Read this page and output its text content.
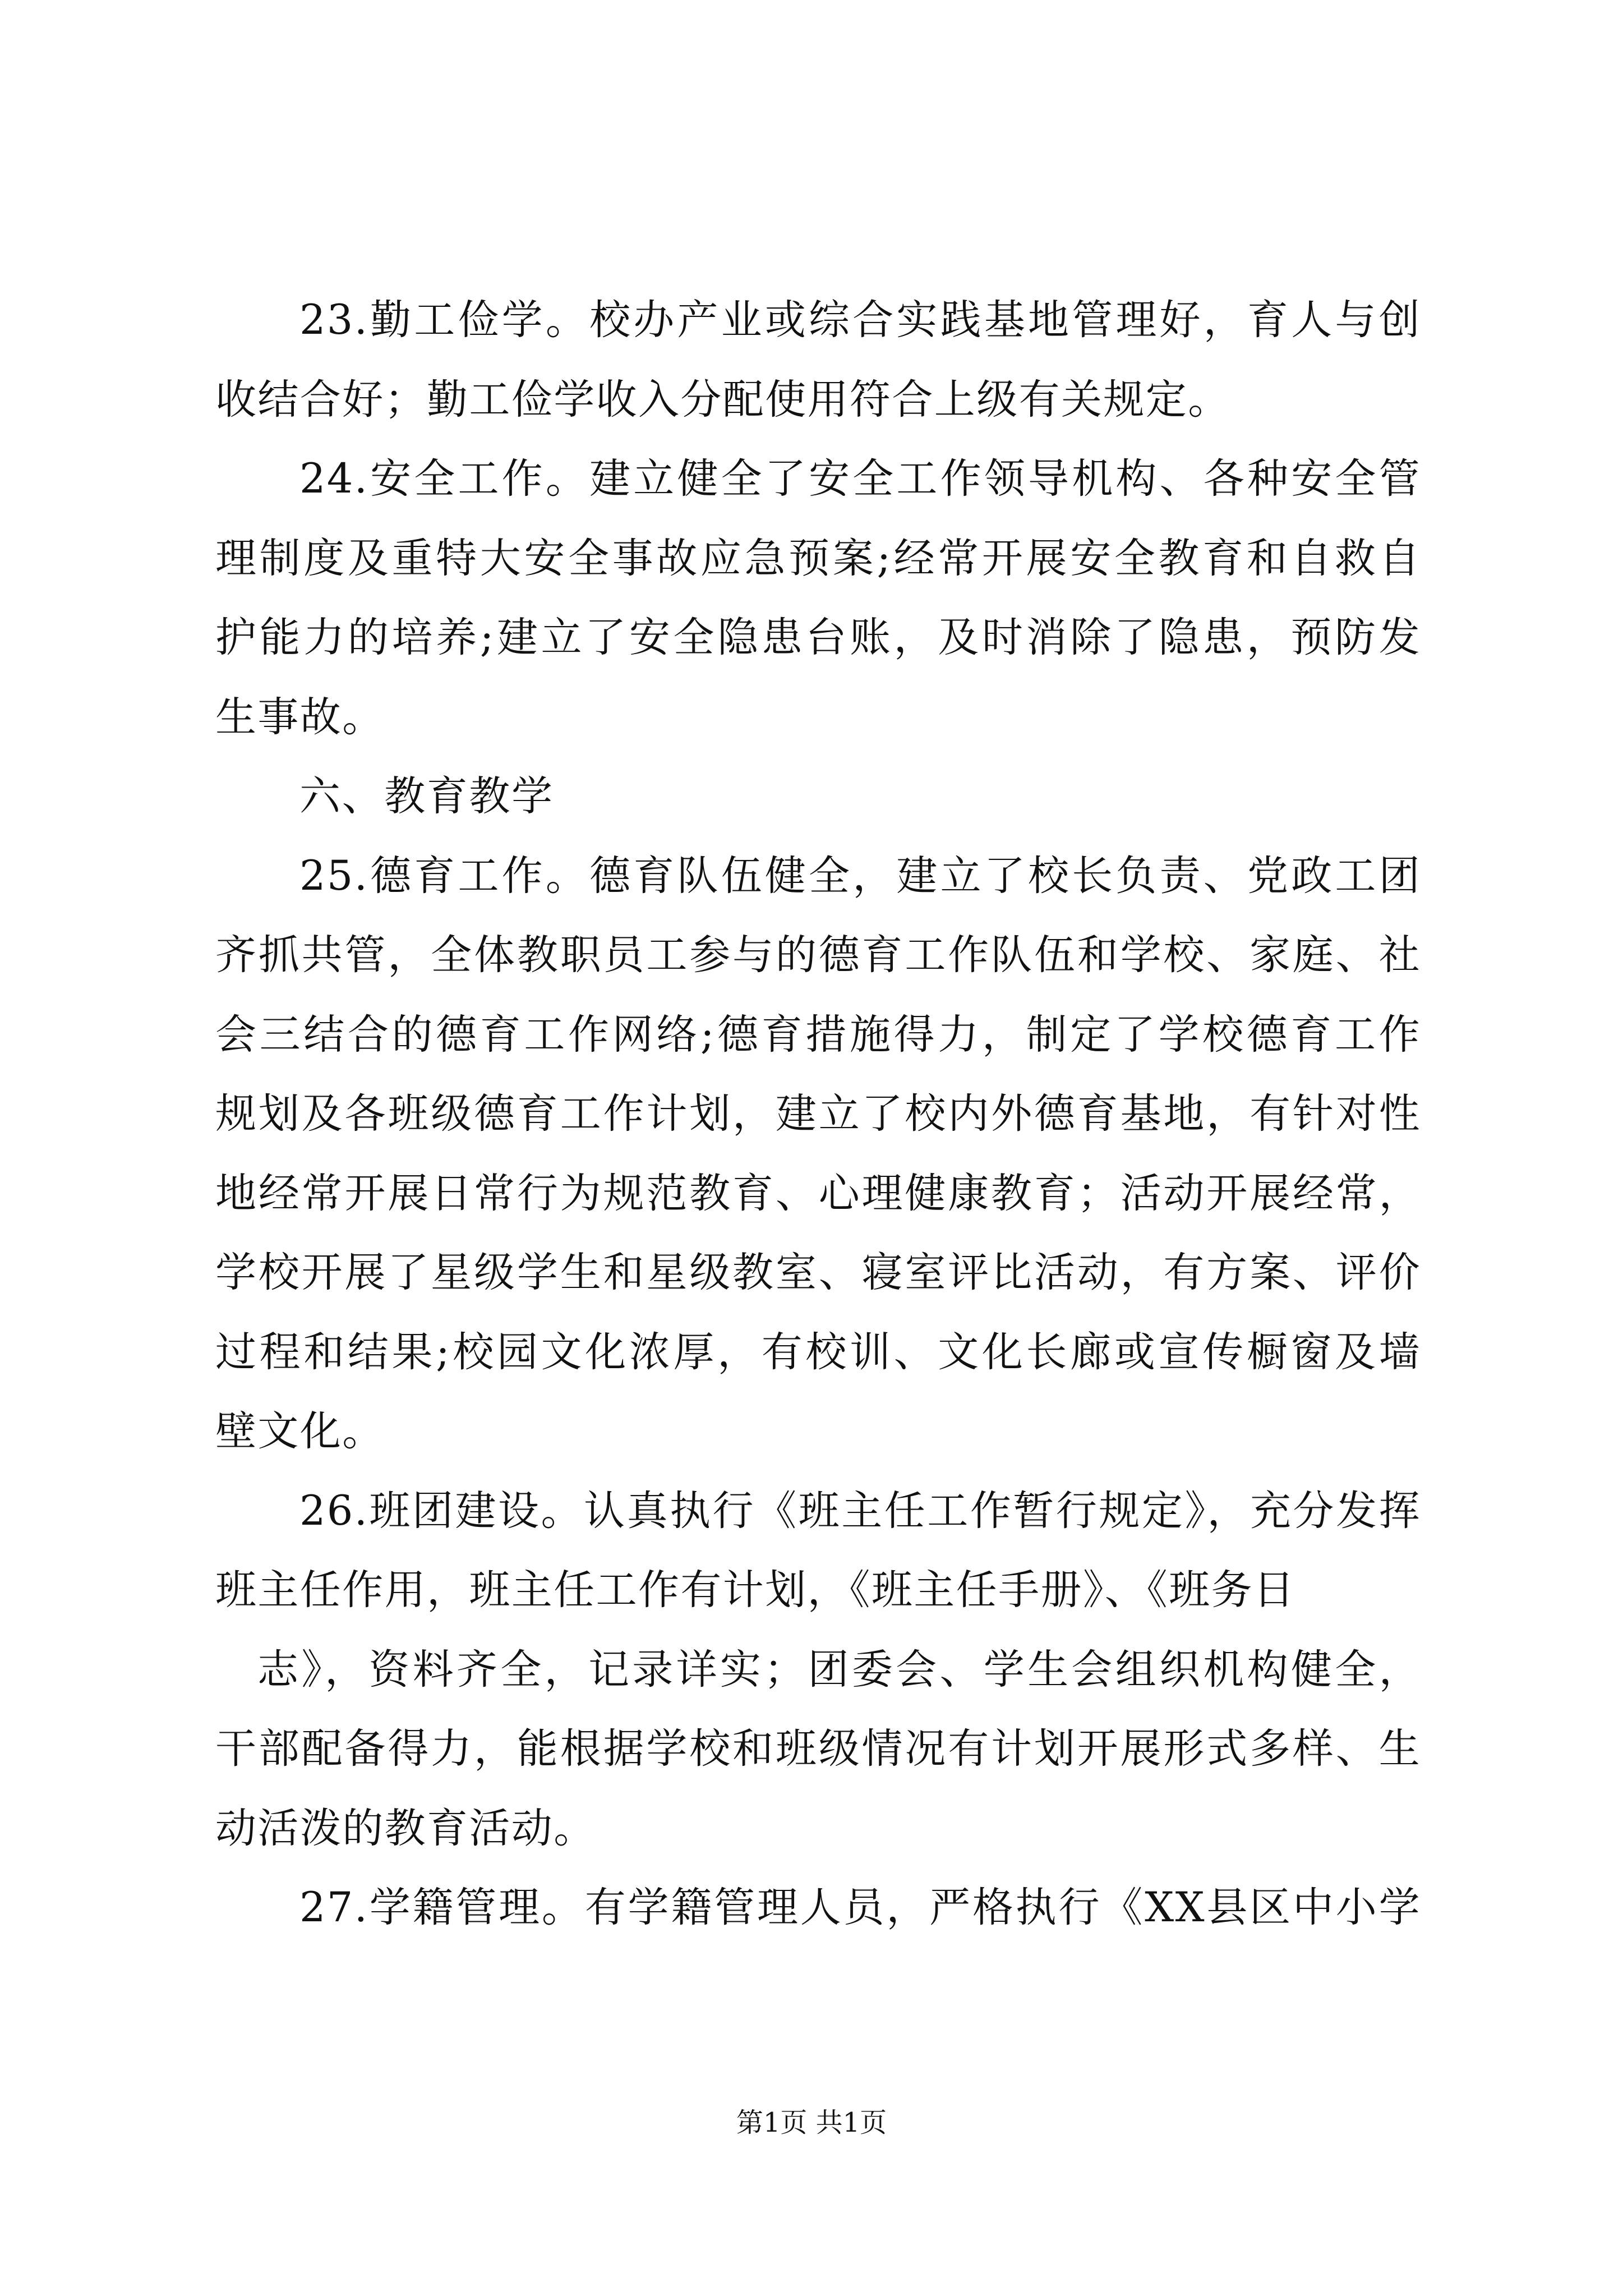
23.勤工俭学。校办产业或综合实践基地管理好，育人与创
收结合好；勤工俭学收入分配使用符合上级有关规定。
24.安全工作。建立健全了安全工作领导机构、各种安全管
理制度及重特大安全事故应急预案;经常开展安全教育和自救自
护能力的培养;建立了安全隐患台账，及时消除了隐患，预防发
生事故。
六、教育教学
25.德育工作。德育队伍健全，建立了校长负责、党政工团
齐抓共管，全体教职员工参与的德育工作队伍和学校、家庭、社
会三结合的德育工作网络;德育措施得力，制定了学校德育工作
规划及各班级德育工作计划，建立了校内外德育基地，有针对性
地经常开展日常行为规范教育、心理健康教育；活动开展经常，
学校开展了星级学生和星级教室、寝室评比活动，有方案、评价
过程和结果;校园文化浓厚，有校训、文化长廊或宣传橱窗及墙
壁文化。
26.班团建设。认真执行《班主任工作暂行规定》，充分发挥
班主任作用，班主任工作有计划，《班主任手册》、《班务日
志》，资料齐全，记录详实；团委会、学生会组织机构健全，
干部配备得力，能根据学校和班级情况有计划开展形式多样、生
动活泼的教育活动。
27.学籍管理。有学籍管理人员，严格执行《XX县区中小学
第1页 共1页
